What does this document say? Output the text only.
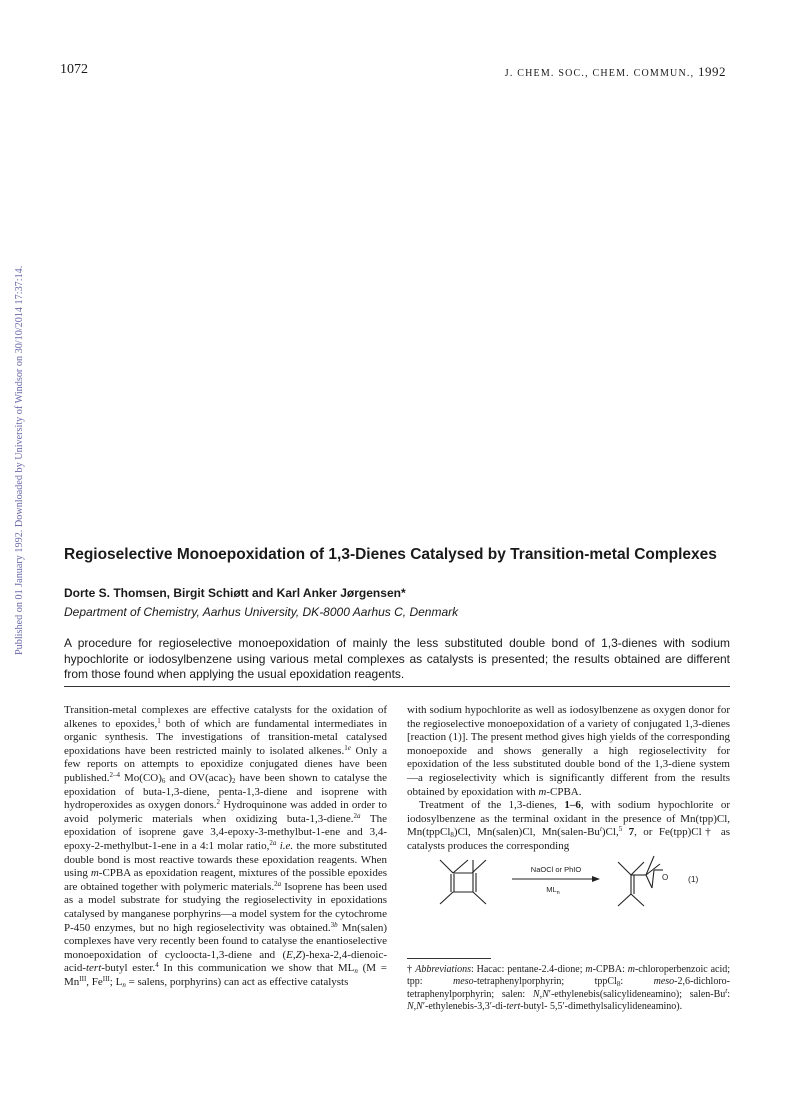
1072	J. CHEM. SOC., CHEM. COMMUN., 1992
Published on 01 January 1992. Downloaded by University of Windsor on 30/10/2014 17:37:14.	Regioselective Monoepoxidation of 1,3-Dienes Catalysed by Transition-metal Complexes
Dorte S. Thomsen, Birgit Schiøtt and Karl Anker Jørgensen*
Department of Chemistry, Aarhus University, DK-8000 Aarhus C, Denmark

A procedure for regioselective monoepoxidation of mainly the less substituted double bond of 1,3-dienes with sodium hypochlorite or iodosylbenzene using various metal complexes as catalysts is presented; the results obtained are different from those found when applying the usual epoxidation reagents.

Transition-metal complexes are effective catalysts for the oxidation of alkenes to epoxides,$^1$ both of which are fundamental intermediates in organic synthesis. The investigations of transition-metal catalysed epoxidations have been restricted mainly to isolated alkenes.$^{1e}$ Only a few reports on attempts to epoxidize conjugated dienes have been published.$^{2-4}$ $Mo(CO)_6$ and $OV(acac)_2$ have been shown to catalyse the epoxidation of buta-1,3-diene, penta-1,3-diene and isoprene with hydroperoxides as oxygen donors.$^2$ Hydroquinone was added in order to avoid polymeric materials when oxidizing buta-1,3-diene.$^{2a}$ The epoxidation of isoprene gave 3,4-epoxy-3-methylbut-1-ene and 3,4-epoxy-2-methylbut-1-ene in a 4:1 molar ratio,$^{2a}$ i.e. the more substituted double bond is most reactive towards these epoxidation reagents. When using m-CPBA as epoxidation reagent, mixtures of the possible epoxides are obtained together with polymeric materials.$^{2a}$ Isoprene has been used as a model substrate for studying the regioselectivity in epoxidations catalysed by manganese porphyrins—a model system for the cytochrome P-450 enzymes, but no high regioselectivity was obtained.$^{3b}$ Mn(salen) complexes have very recently been found to catalyse the enantioselective monoepoxidation of cycloocta-1,3-diene and (E,Z)-hexa-2,4-dienoic-acid-tert-butyl ester.$^4$ In this communication we show that $ML_n$ ($M = Mn^{III}$, $Fe^{III}$; $L_n$ = salens, porphyrins) can act as effective catalysts

with sodium hypochlorite as well as iodosylbenzene as oxygen donor for the regioselective monoepoxidation of a variety of conjugated 1,3-dienes [reaction (1)]. The present method gives high yields of the corresponding monoepoxide and shows generally a high regioselectivity for epoxidation of the less substituted double bond of the 1,3-diene system—a regioselectivity which is significantly different from the results obtained by epoxidation with m-CPBA.

Treatment of the 1,3-dienes, 1–6, with sodium hypochlorite or iodosylbenzene as the terminal oxidant in the presence of Mn(tpp)Cl, Mn(tppCl$_8$)Cl, Mn(salen)Cl, Mn(salen-Bu$^t$)Cl,$^5$ 7, or Fe(tpp)Cl† as catalysts produces the corresponding

NaOCl or PhIO
$ML_n$
O (1)

† Abbreviations: Hacac: pentane-2.4-dione; m-CPBA: m-chloroperbenzoic acid; tpp: meso-tetraphenylporphyrin; tppCl$_8$: meso-2,6-dichloro-tetraphenylporphyrin; salen: N,N′-ethylenebis(salicylideneamino); salen-Bu$^t$: N,N′-ethylenebis-3,3′-di-tert-butyl- 5,5′-dimethylsalicylideneamino).
